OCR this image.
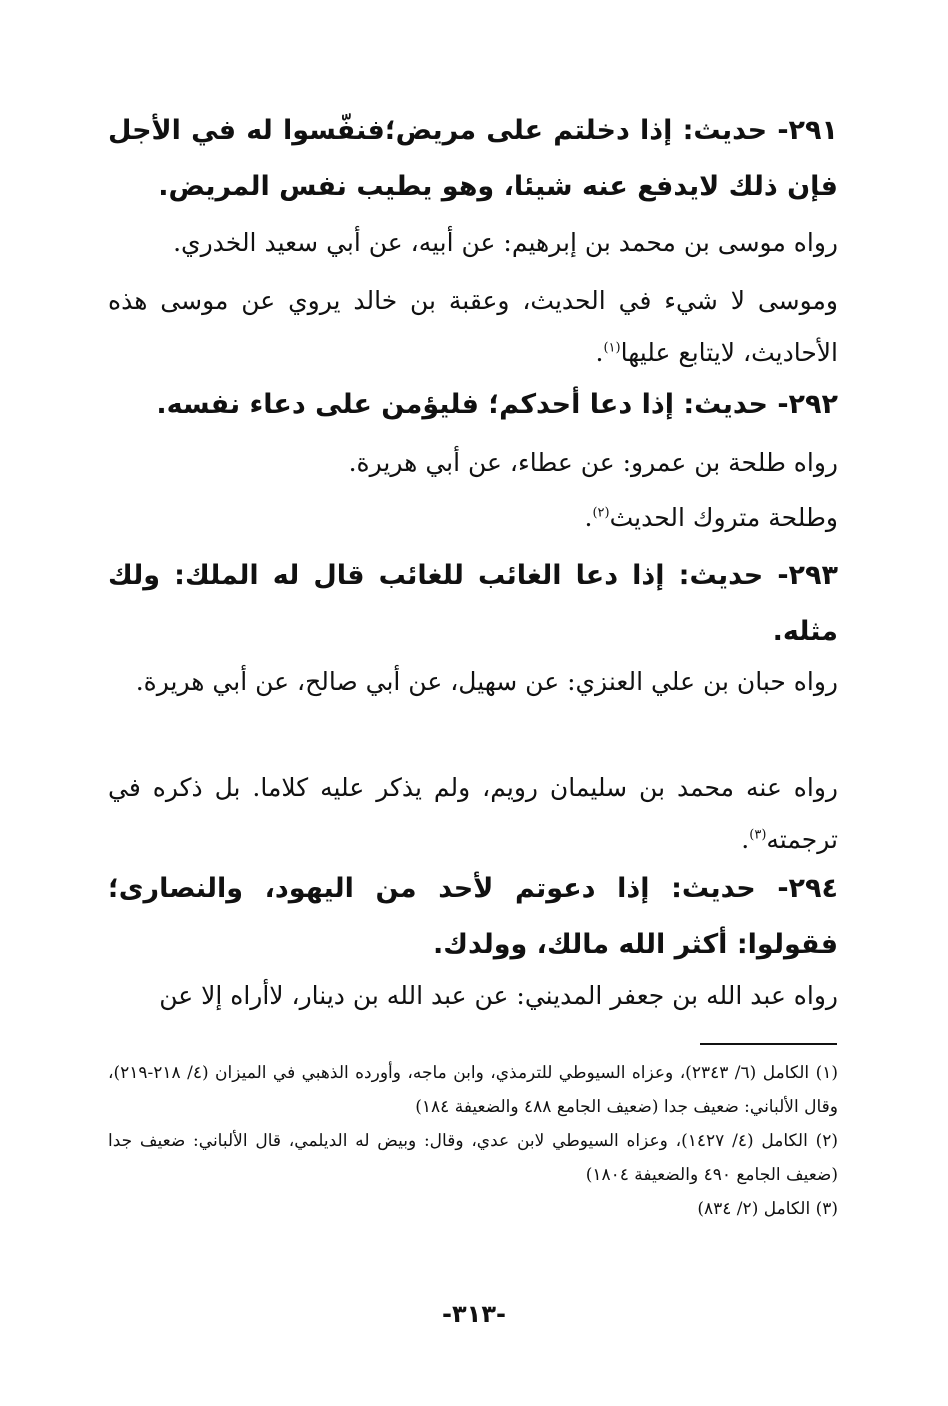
٢٩١- حديث: إذا دخلتم على مريض؛فنفّسوا له في الأجل فإن ذلك لايدفع عنه شيئا، وهو يطيب نفس المريض.
رواه موسى بن محمد بن إبرهيم: عن أبيه، عن أبي سعيد الخدري.
وموسى لا شيء في الحديث، وعقبة بن خالد يروي عن موسى هذه الأحاديث، لايتابع عليها$^{(١)}$.
٢٩٢- حديث: إذا دعا أحدكم؛ فليؤمن على دعاء نفسه.
رواه طلحة بن عمرو: عن عطاء، عن أبي هريرة.
وطلحة متروك الحديث$^{(٢)}$.
٢٩٣- حديث: إذا دعا الغائب للغائب قال له الملك: ولك مثله.
رواه حبان بن علي العنزي: عن سهيل، عن أبي صالح، عن أبي هريرة.
رواه عنه محمد بن سليمان رويم، ولم يذكر عليه كلاما. بل ذكره في ترجمته$^{(٣)}$.
٢٩٤- حديث: إذا دعوتم لأحد من اليهود، والنصارى؛ فقولوا: أكثر الله مالك، وولدك.
رواه عبد الله بن جعفر المديني: عن عبد الله بن دينار، لاأراه إلا عن
(١) الكامل (٦/ ٢٣٤٣)، وعزاه السيوطي للترمذي، وابن ماجه، وأورده الذهبي في الميزان (٤/ ٢١٨-٢١٩)، وقال الألباني: ضعيف جدا (ضعيف الجامع ٤٨٨ والضعيفة ١٨٤)
(٢) الكامل (٤/ ١٤٢٧)، وعزاه السيوطي لابن عدي، وقال: وبيض له الديلمي، قال الألباني: ضعيف جدا (ضعيف الجامع ٤٩٠ والضعيفة ١٨٠٤)
(٣) الكامل (٢/ ٨٣٤)
-٣١٣-
